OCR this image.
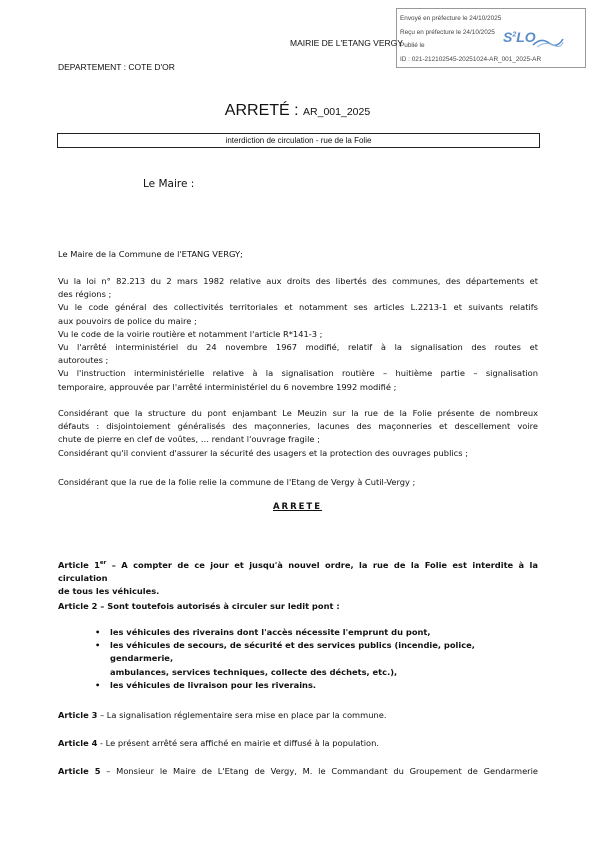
Envoyé en préfecture le 24/10/2025
Reçu en préfecture le 24/10/2025
Publié le
ID : 021-212102545-20251024-AR_001_2025-AR
$S^2LO$
MAIRIE DE L'ETANG VERGY
DEPARTEMENT : COTE D'OR
ARRETÉ : AR_001_2025
interdiction de circulation - rue de la Folie
Le Maire :
Le Maire de la Commune de l'ETANG VERGY;
Vu la loi n° 82.213 du 2 mars 1982 relative aux droits des libertés des communes, des départements et
des régions ;
Vu le code général des collectivités territoriales et notamment ses articles L.2213-1 et suivants relatifs
aux pouvoirs de police du maire ;
Vu le code de la voirie routière et notamment l'article R*141-3 ;
Vu l'arrêté interministériel du 24 novembre 1967 modifié, relatif à la signalisation des routes et
autoroutes ;
Vu l'instruction interministérielle relative à la signalisation routière – huitième partie – signalisation
temporaire, approuvée par l'arrêté interministériel du 6 novembre 1992 modifié ;
Considérant que la structure du pont enjambant Le Meuzin sur la rue de la Folie présente de nombreux
défauts : disjointoiement généralisés des maçonneries, lacunes des maçonneries et descellement voire
chute de pierre en clef de voûtes, … rendant l'ouvrage fragile ;
Considérant qu'il convient d'assurer la sécurité des usagers et la protection des ouvrages publics ;
Considérant que la rue de la folie relie la commune de l'Etang de Vergy à Cutil-Vergy ;
ARRETE
Article 1er – A compter de ce jour et jusqu'à nouvel ordre, la rue de la Folie est interdite à la circulation
de tous les véhicules.
Article 2 – Sont toutefois autorisés à circuler sur ledit pont :
• les véhicules des riverains dont l'accès nécessite l'emprunt du pont,
• les véhicules de secours, de sécurité et des services publics (incendie, police, gendarmerie,
ambulances, services techniques, collecte des déchets, etc.),
• les véhicules de livraison pour les riverains.
Article 3 – La signalisation réglementaire sera mise en place par la commune.
Article 4 - Le présent arrêté sera affiché en mairie et diffusé à la population.
Article 5 – Monsieur le Maire de L'Etang de Vergy, M. le Commandant du Groupement de Gendarmerie
